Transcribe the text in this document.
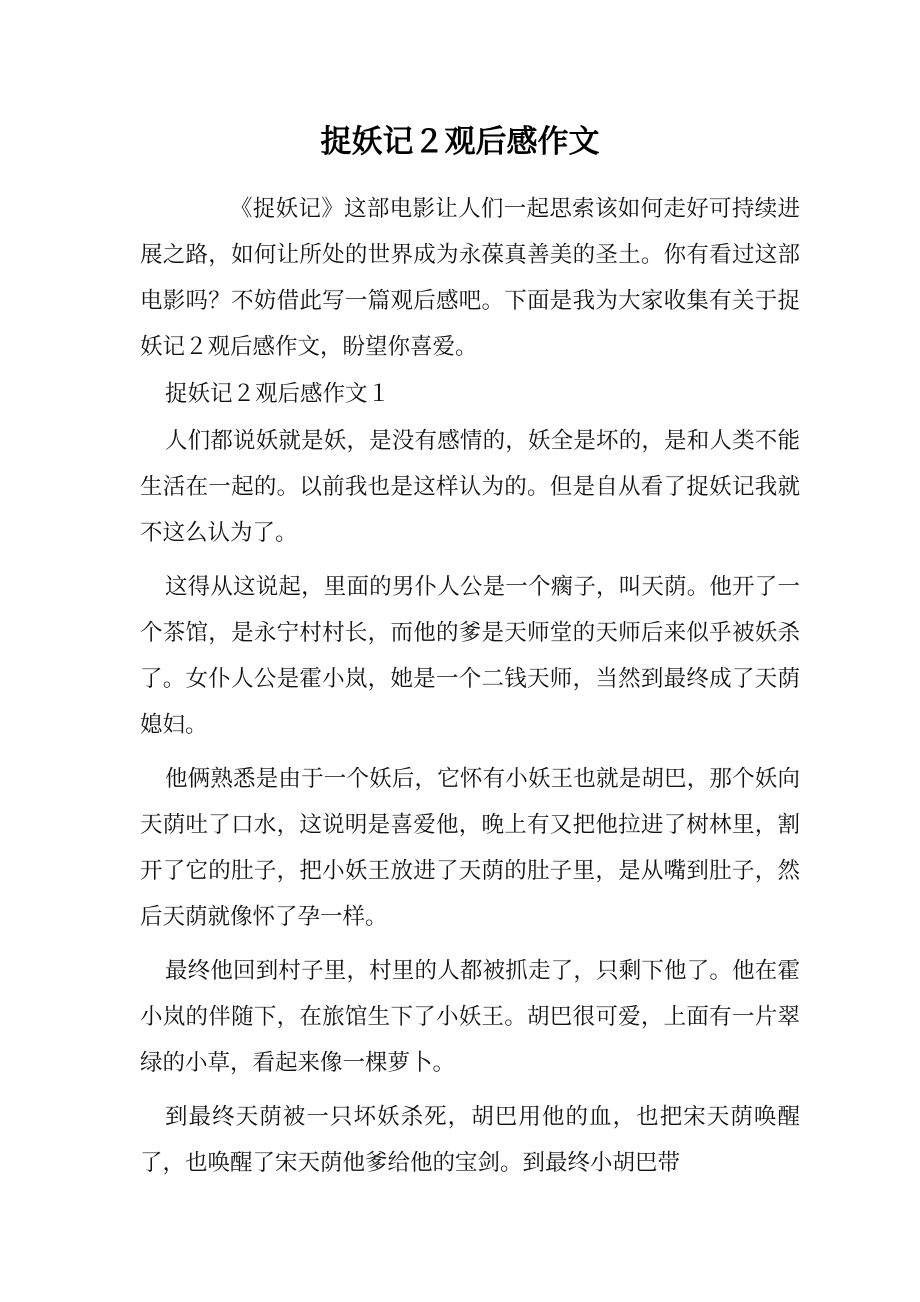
捉妖记２观后感作文

《捉妖记》这部电影让人们一起思索该如何走好可持续进展之路，如何让所处的世界成为永葆真善美的圣土。你有看过这部电影吗？不妨借此写一篇观后感吧。下面是我为大家收集有关于捉妖记２观后感作文，盼望你喜爱。

捉妖记２观后感作文１

人们都说妖就是妖，是没有感情的，妖全是坏的，是和人类不能生活在一起的。以前我也是这样认为的。但是自从看了捉妖记我就不这么认为了。

这得从这说起，里面的男仆人公是一个瘸子，叫天荫。他开了一个茶馆，是永宁村村长，而他的爹是天师堂的天师后来似乎被妖杀了。女仆人公是霍小岚，她是一个二钱天师，当然到最终成了天荫媳妇。

他俩熟悉是由于一个妖后，它怀有小妖王也就是胡巴，那个妖向天荫吐了口水，这说明是喜爱他，晚上有又把他拉进了树林里，割开了它的肚子，把小妖王放进了天荫的肚子里，是从嘴到肚子，然后天荫就像怀了孕一样。

最终他回到村子里，村里的人都被抓走了，只剩下他了。他在霍小岚的伴随下，在旅馆生下了小妖王。胡巴很可爱，上面有一片翠绿的小草，看起来像一棵萝卜。

到最终天荫被一只坏妖杀死，胡巴用他的血，也把宋天荫唤醒了，也唤醒了宋天荫他爹给他的宝剑。到最终小胡巴带
